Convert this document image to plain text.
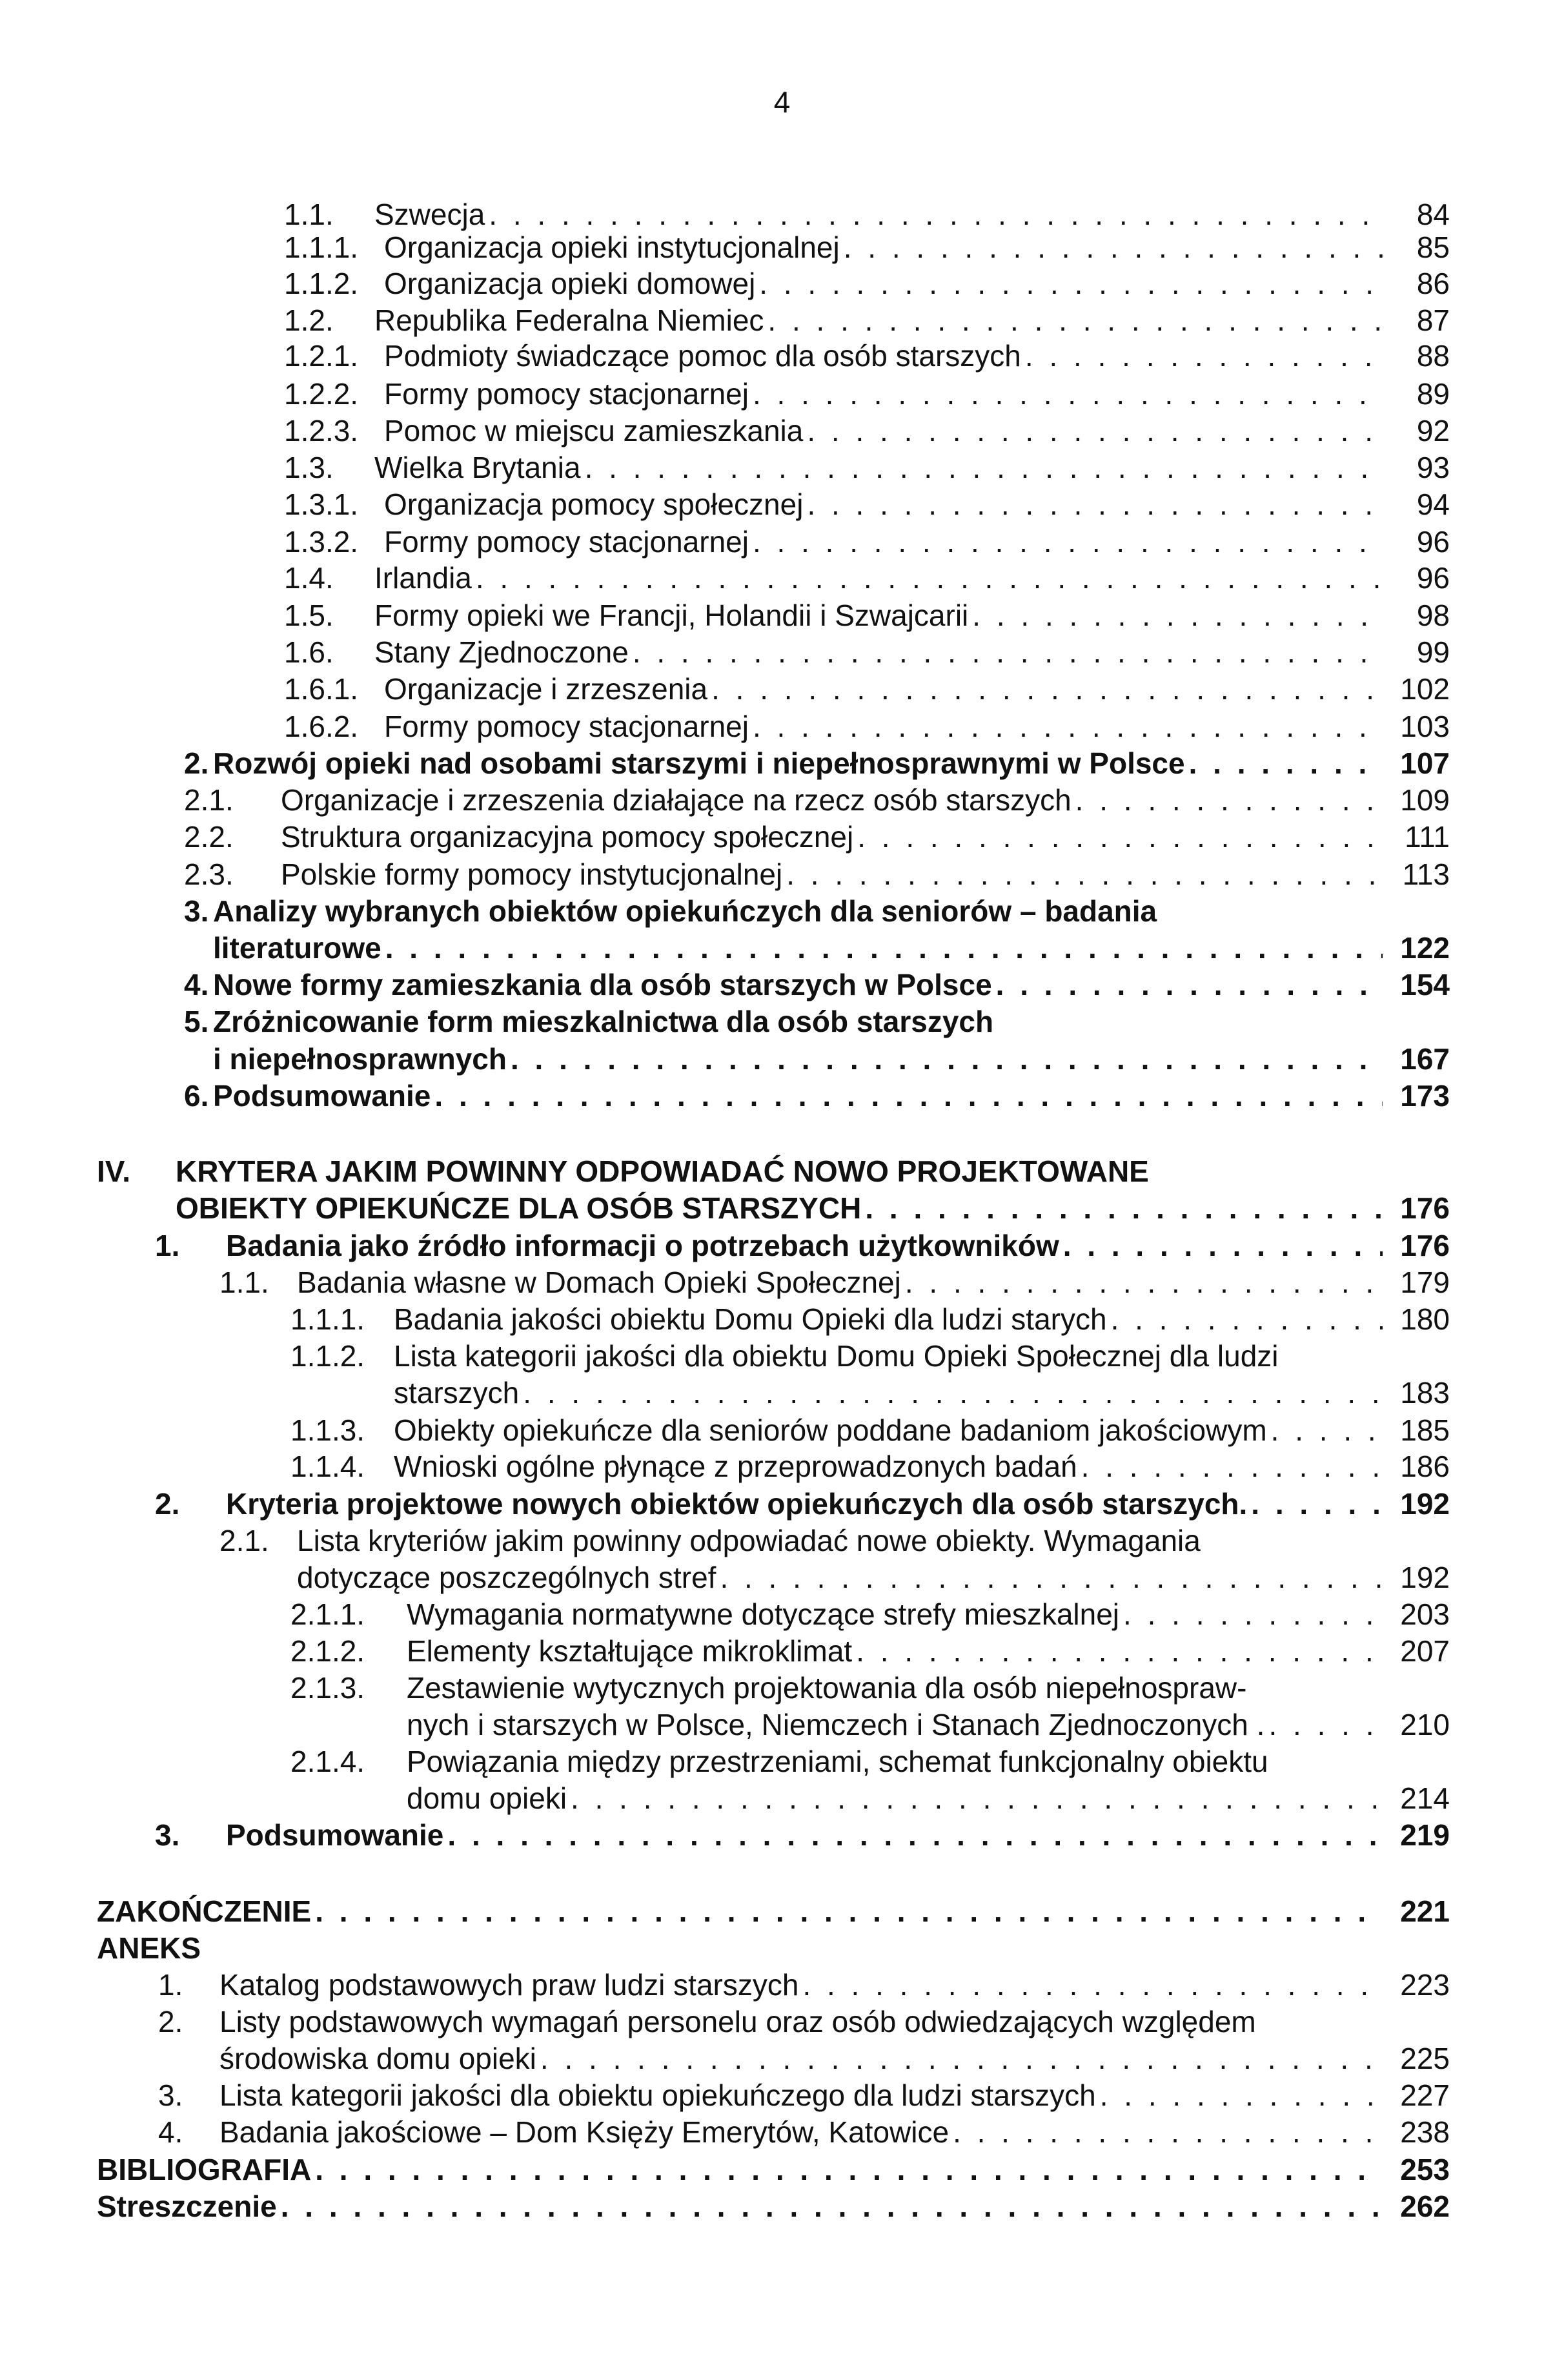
4
1.1.	Szwecja . . .	84
1.1.1. Organizacja opieki instytucjonalnej . . .	85
1.1.2. Organizacja opieki domowej . . .	86
1.2.	Republika Federalna Niemiec . . .	87
1.2.1. Podmioty świadczące pomoc dla osób starszych . . .	88
1.2.2. Formy pomocy stacjonarnej . . .	89
1.2.3. Pomoc w miejscu zamieszkania . . .	92
1.3.	Wielka Brytania . . .	93
1.3.1. Organizacja pomocy społecznej . . .	94
1.3.2. Formy pomocy stacjonarnej . . .	96
1.4.	Irlandia . . .	96
1.5.	Formy opieki we Francji, Holandii i Szwajcarii . . .	98
1.6.	Stany Zjednoczone . . .	99
1.6.1. Organizacje i zrzeszenia . . .	102
1.6.2. Formy pomocy stacjonarnej . . .	103
2. Rozwój opieki nad osobami starszymi i niepełnosprawnymi w Polsce . . .	107
2.1.	Organizacje i zrzeszenia działające na rzecz osób starszych . . .	109
2.2.	Struktura organizacyjna pomocy społecznej . . .	111
2.3.	Polskie formy pomocy instytucjonalnej . . .	113
3. Analizy wybranych obiektów opiekuńczych dla seniorów – badania
literaturowe . . .	122
4. Nowe formy zamieszkania dla osób starszych w Polsce . . .	154
5. Zróżnicowanie form mieszkalnictwa dla osób starszych
i niepełnosprawnych . . .	167
6. Podsumowanie . . .	173
IV.	KRYTERA JAKIM POWINNY ODPOWIADAĆ NOWO PROJEKTOWANE
OBIEKTY OPIEKUŃCZE DLA OSÓB STARSZYCH . . .	176
1.	Badania jako źródło informacji o potrzebach użytkowników . . .	176
1.1. Badania własne w Domach Opieki Społecznej . . .	179
1.1.1. Badania jakości obiektu Domu Opieki dla ludzi starych . . .	180
1.1.2. Lista kategorii jakości dla obiektu Domu Opieki Społecznej dla ludzi
starszych . . .	183
1.1.3. Obiekty opiekuńcze dla seniorów poddane badaniom jakościowym . . .	185
1.1.4. Wnioski ogólne płynące z przeprowadzonych badań . . .	186
2.	Kryteria projektowe nowych obiektów opiekuńczych dla osób starszych. . . .	192
2.1. Lista kryteriów jakim powinny odpowiadać nowe obiekty. Wymagania
dotyczące poszczególnych stref . . .	192
2.1.1.	Wymagania normatywne dotyczące strefy mieszkalnej . . .	203
2.1.2.	Elementy kształtujące mikroklimat . . .	207
2.1.3.	Zestawienie wytycznych projektowania dla osób niepełnospraw-
nych i starszych w Polsce, Niemczech i Stanach Zjednoczonych . . . .	210
2.1.4.	Powiązania między przestrzeniami, schemat funkcjonalny obiektu
domu opieki . . .	214
3.	Podsumowanie . . .	219
ZAKOŃCZENIE . . .	221
ANEKS
1.	Katalog podstawowych praw ludzi starszych . . .	223
2.	Listy podstawowych wymagań personelu oraz osób odwiedzających względem
środowiska domu opieki . . .	225
3.	Lista kategorii jakości dla obiektu opiekuńczego dla ludzi starszych . . .	227
4.	Badania jakościowe – Dom Księży Emerytów, Katowice . . .	238
BIBLIOGRAFIA . . .	253
Streszczenie . . .	262
